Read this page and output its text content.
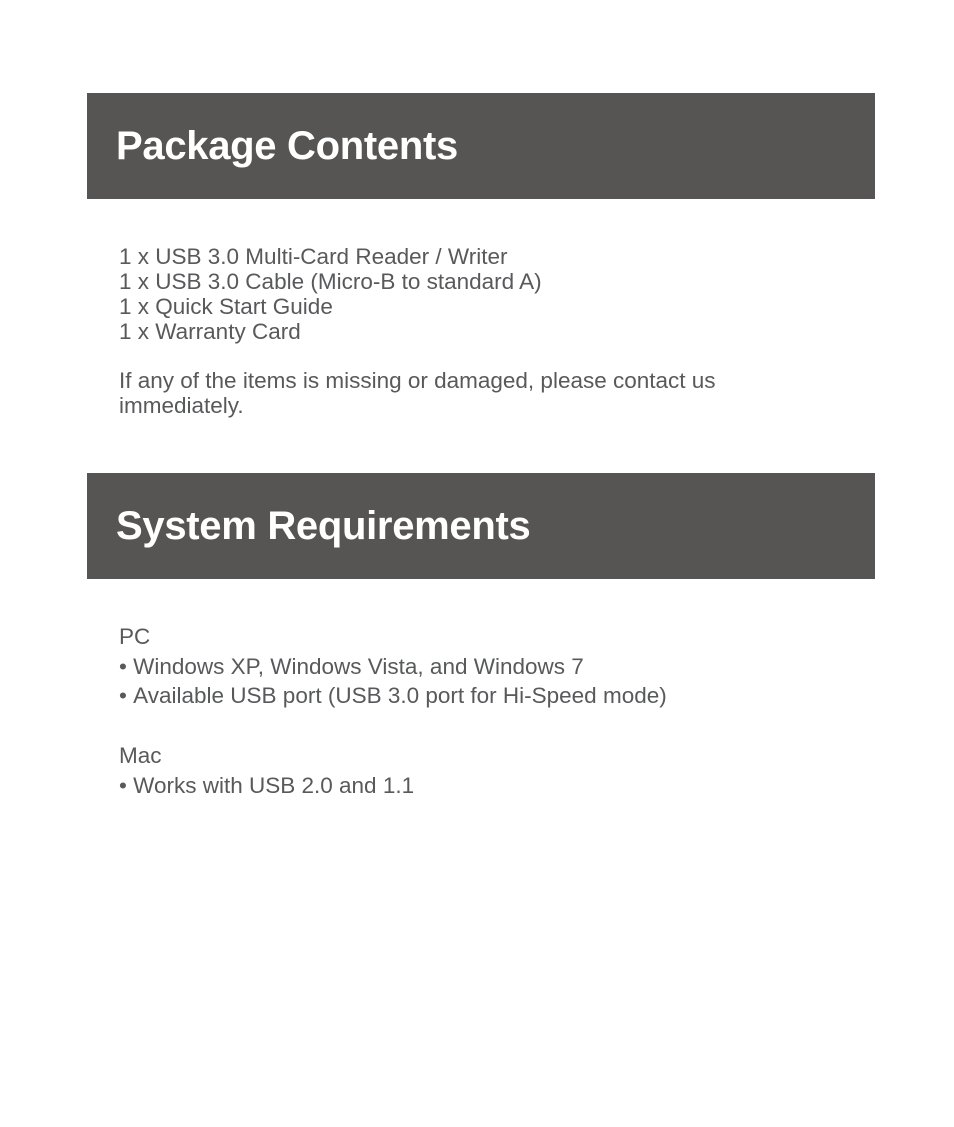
Package Contents

1 x USB 3.0 Multi-Card Reader / Writer

1 x USB 3.0 Cable (Micro-B to standard A)

1 x Quick Start Guide

1 x Warranty Card

If any of the items is missing or damaged, please contact us immediately.

System Requirements

PC

• Windows XP, Windows Vista, and Windows 7

• Available USB port (USB 3.0 port for Hi-Speed mode)

Mac

• Works with USB 2.0 and 1.1
